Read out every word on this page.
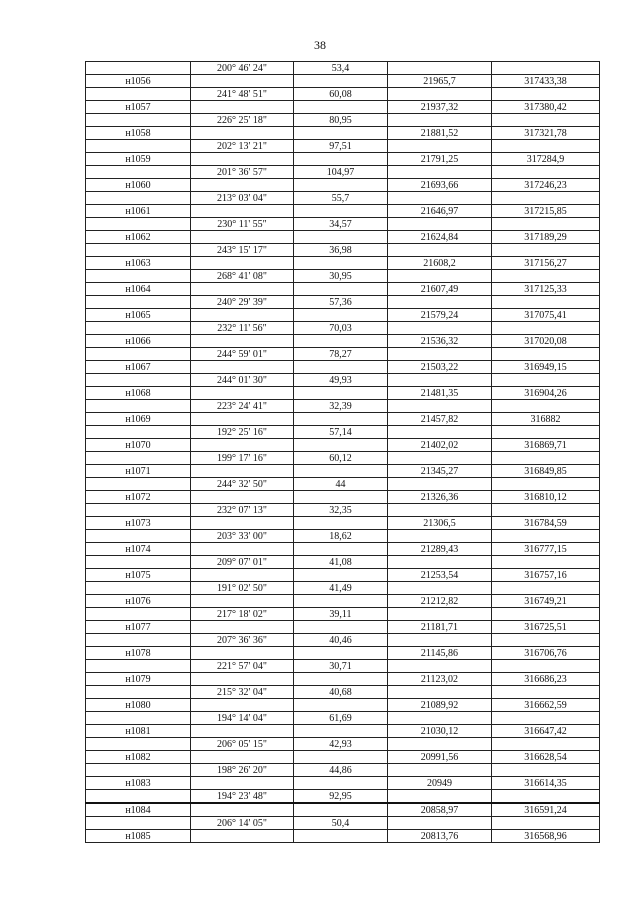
38
	200° 46' 24"	53,4		
н1056			21965,7	317433,38
	241° 48' 51"	60,08		
н1057			21937,32	317380,42
	226° 25' 18"	80,95		
н1058			21881,52	317321,78
	202° 13' 21"	97,51		
н1059			21791,25	317284,9
	201° 36' 57"	104,97		
н1060			21693,66	317246,23
	213° 03' 04"	55,7		
н1061			21646,97	317215,85
	230° 11' 55"	34,57		
н1062			21624,84	317189,29
	243° 15' 17"	36,98		
н1063			21608,2	317156,27
	268° 41' 08"	30,95		
н1064			21607,49	317125,33
	240° 29' 39"	57,36		
н1065			21579,24	317075,41
	232° 11' 56"	70,03		
н1066			21536,32	317020,08
	244° 59' 01"	78,27		
н1067			21503,22	316949,15
	244° 01' 30"	49,93		
н1068			21481,35	316904,26
	223° 24' 41"	32,39		
н1069			21457,82	316882
	192° 25' 16"	57,14		
н1070			21402,02	316869,71
	199° 17' 16"	60,12		
н1071			21345,27	316849,85
	244° 32' 50"	44		
н1072			21326,36	316810,12
	232° 07' 13"	32,35		
н1073			21306,5	316784,59
	203° 33' 00"	18,62		
н1074			21289,43	316777,15
	209° 07' 01"	41,08		
н1075			21253,54	316757,16
	191° 02' 50"	41,49		
н1076			21212,82	316749,21
	217° 18' 02"	39,11		
н1077			21181,71	316725,51
	207° 36' 36"	40,46		
н1078			21145,86	316706,76
	221° 57' 04"	30,71		
н1079			21123,02	316686,23
	215° 32' 04"	40,68		
н1080			21089,92	316662,59
	194° 14' 04"	61,69		
н1081			21030,12	316647,42
	206° 05' 15"	42,93		
н1082			20991,56	316628,54
	198° 26' 20"	44,86		
н1083			20949	316614,35
	194° 23' 48"	92,95		
н1084			20858,97	316591,24
	206° 14' 05"	50,4		
н1085			20813,76	316568,96
